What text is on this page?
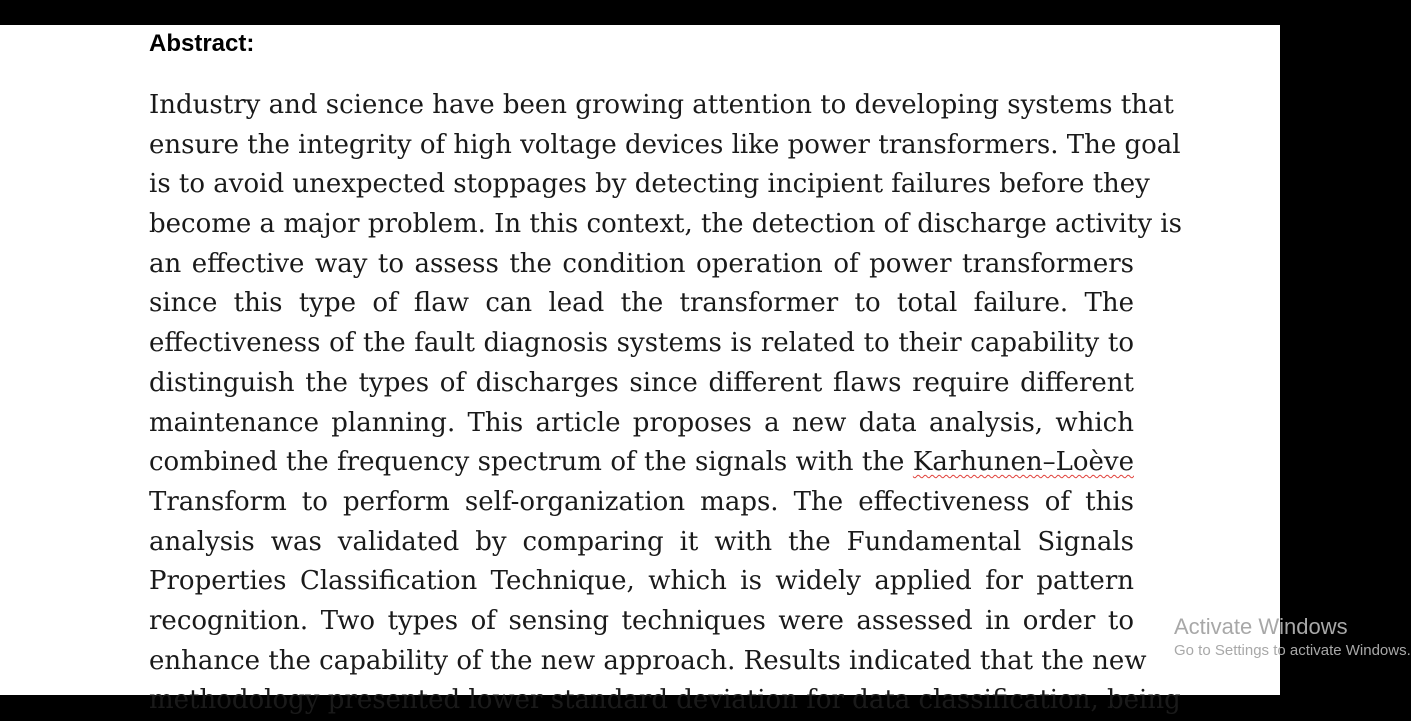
Abstract:
Industry and science have been growing attention to developing systems that
ensure the integrity of high voltage devices like power transformers. The goal
is to avoid unexpected stoppages by detecting incipient failures before they
become a major problem. In this context, the detection of discharge activity is
an effective way to assess the condition operation of power transformers
since this type of flaw can lead the transformer to total failure. The
effectiveness of the fault diagnosis systems is related to their capability to
distinguish the types of discharges since different flaws require different
maintenance planning. This article proposes a new data analysis, which
combined the frequency spectrum of the signals with the Karhunen–Loève
Transform to perform self-organization maps. The effectiveness of this
analysis was validated by comparing it with the Fundamental Signals
Properties Classification Technique, which is widely applied for pattern
recognition. Two types of sensing techniques were assessed in order to
enhance the capability of the new approach. Results indicated that the new
methodology presented lower standard deviation for data classification, being
Activate Windows
Go to Settings to activate Windows.
